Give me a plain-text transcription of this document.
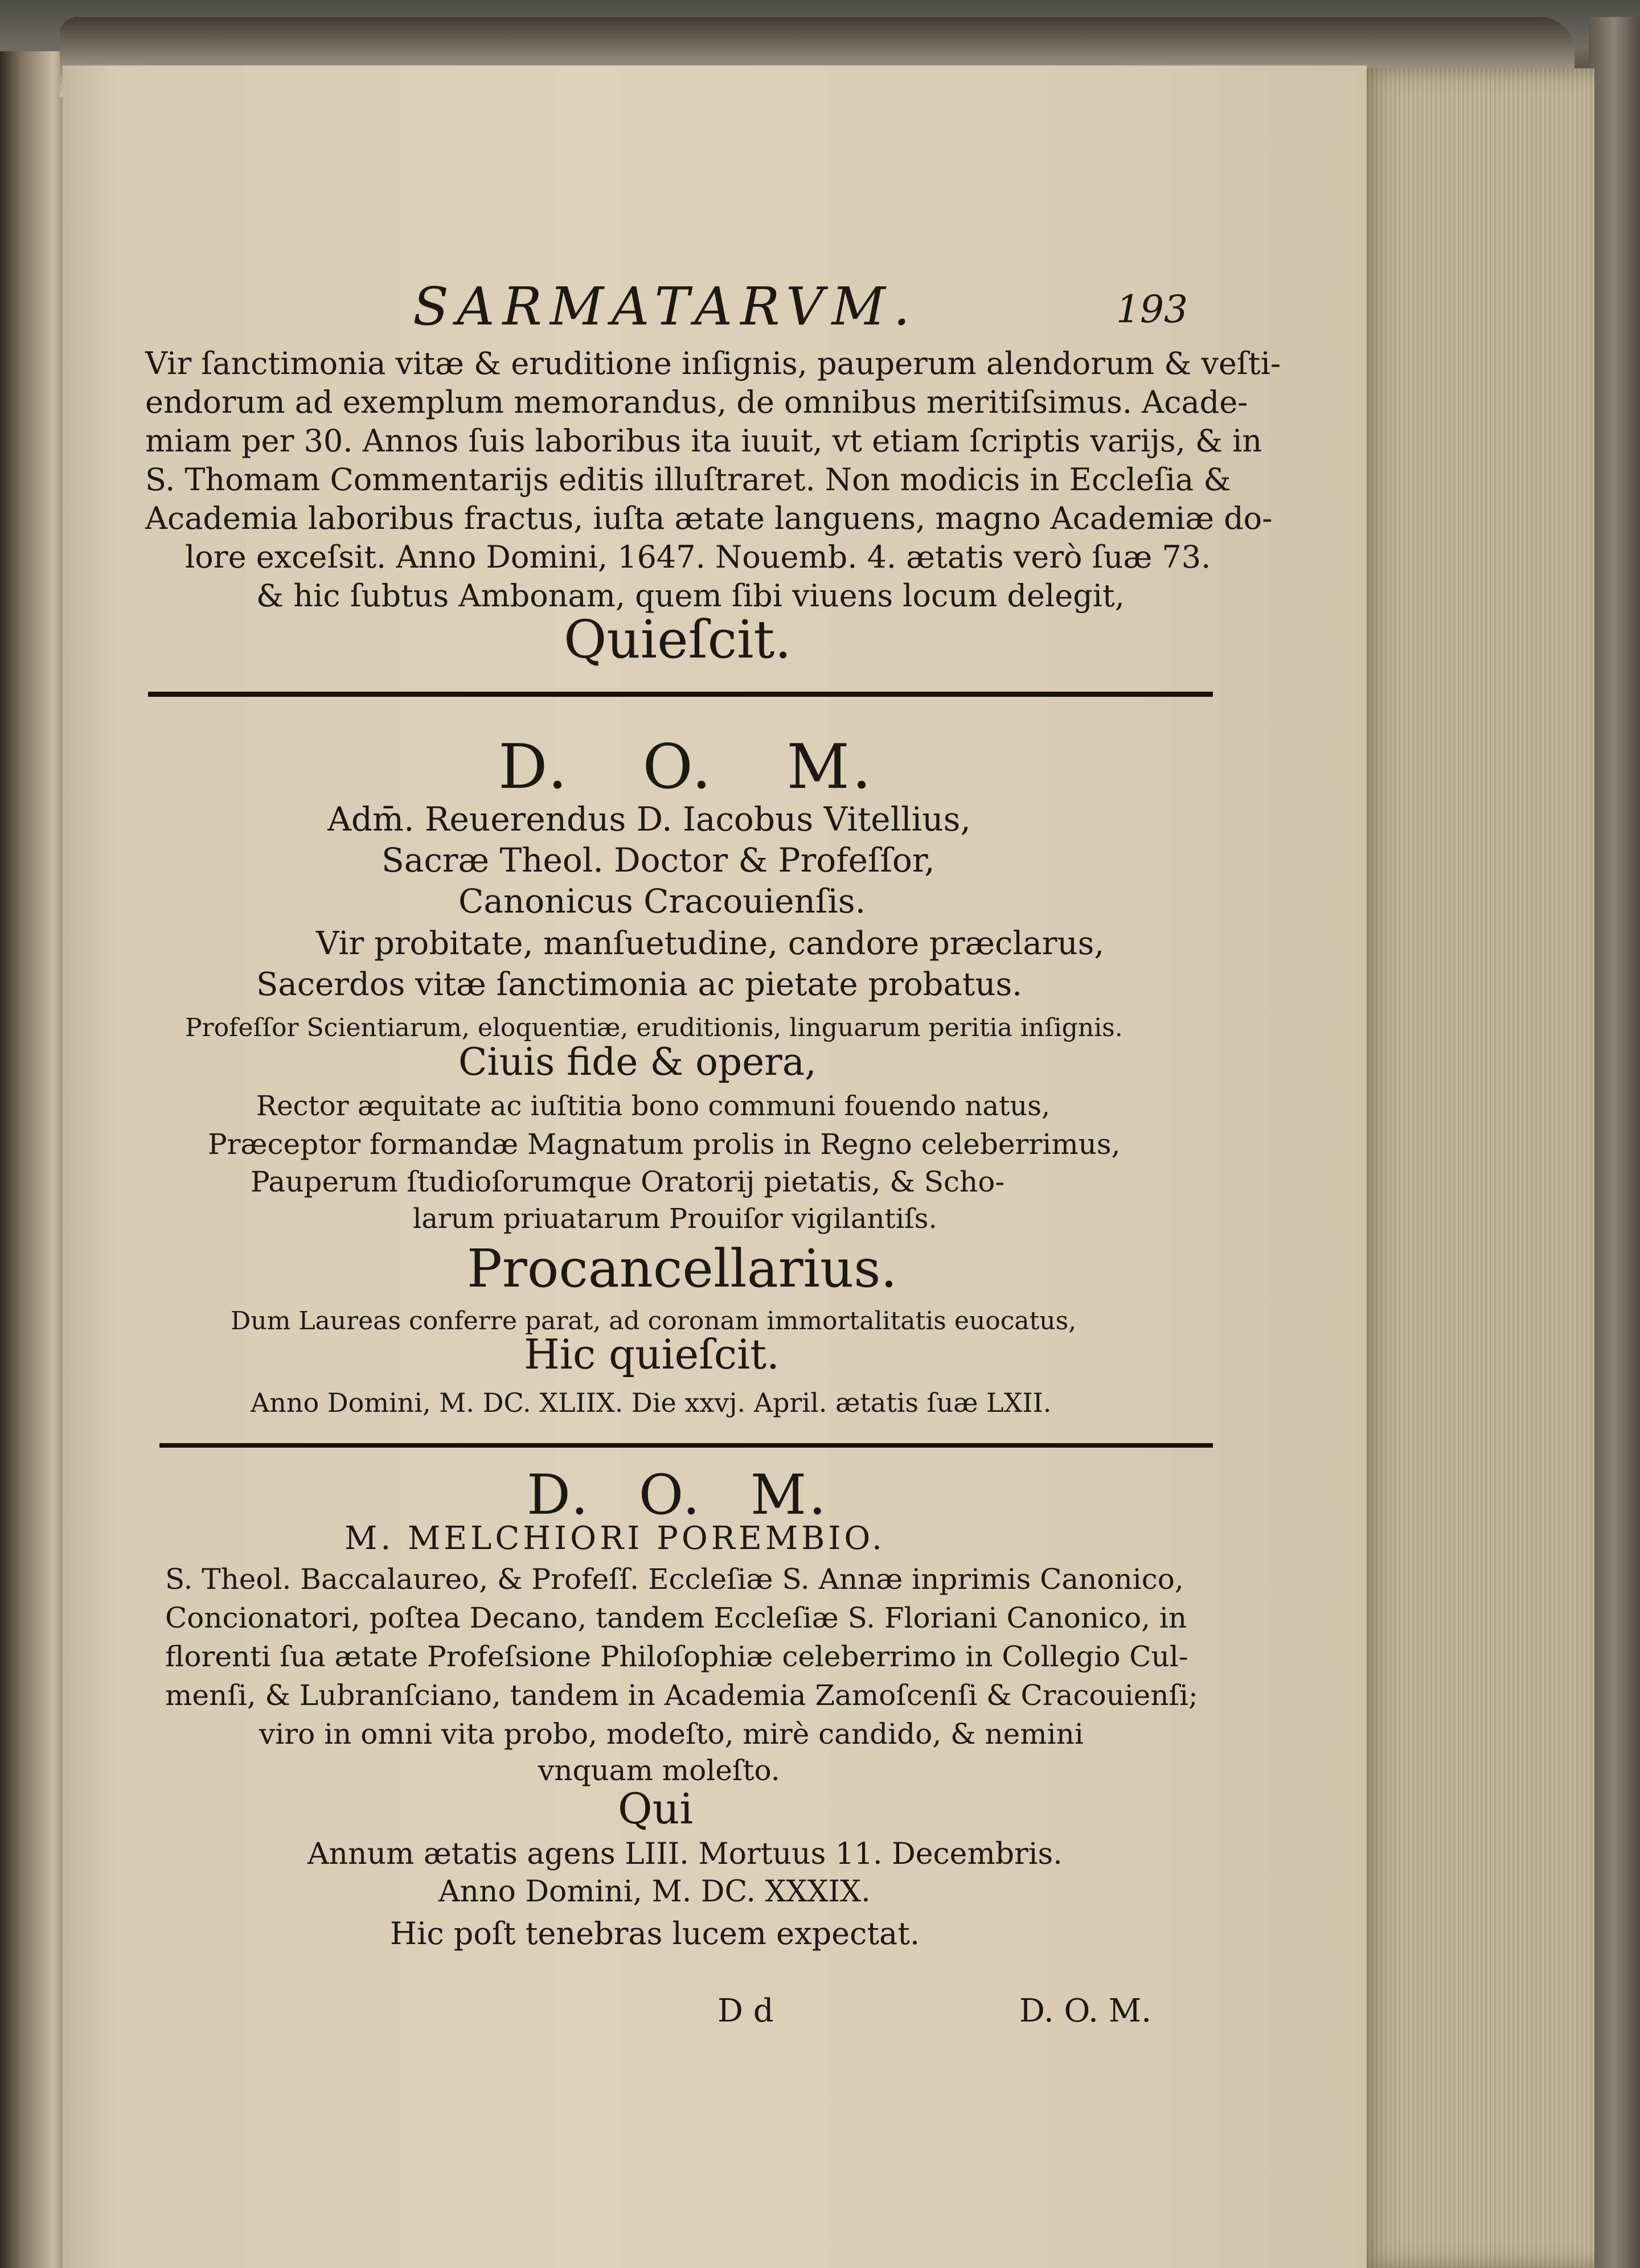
SARMATARVM.	193
Vir ſanctimonia vitæ & eruditione inſignis, pauperum alendorum & veſti-
endorum ad exemplum memorandus, de omnibus meritiſsimus. Acade-
miam per 30. Annos ſuis laboribus ita iuuit, vt etiam ſcriptis varijs, & in
S. Thomam Commentarijs editis illuſtraret. Non modicis in Eccleſia &
Academia laboribus fractus, iuſta ætate languens, magno Academiæ do-
lore exceſsit. Anno Domini, 1647. Nouemb. 4. ætatis verò ſuæ 73.
& hic ſubtus Ambonam, quem ſibi viuens locum delegit,
Quieſcit.
D. O. M.
Adm̄. Reuerendus D. Iacobus Vitellius,
Sacræ Theol. Doctor & Profeſſor,
Canonicus Cracouienſis.
Vir probitate, manſuetudine, candore præclarus,
Sacerdos vitæ ſanctimonia ac pietate probatus.
Profeſſor Scientiarum, eloquentiæ, eruditionis, linguarum peritia inſignis.
Ciuis fide & opera,
Rector æquitate ac iuſtitia bono communi fouendo natus,
Præceptor formandæ Magnatum prolis in Regno celeberrimus,
Pauperum ſtudioſorumque Oratorij pietatis, & Scho-
larum priuatarum Prouiſor vigilantiſs.
Procancellarius.
Dum Laureas conferre parat, ad coronam immortalitatis euocatus,
Hic quieſcit.
Anno Domini, M. DC. XLIIX. Die xxvj. April. ætatis ſuæ LXII.
D. O. M.
M. MELCHIORI POREMBIO.
S. Theol. Baccalaureo, & Profeſſ. Eccleſiæ S. Annæ inprimis Canonico,
Concionatori, poſtea Decano, tandem Eccleſiæ S. Floriani Canonico, in
florenti ſua ætate Profeſsione Philoſophiæ celeberrimo in Collegio Cul-
menſi, & Lubranſciano, tandem in Academia Zamoſcenſi & Cracouienſi;
viro in omni vita probo, modeſto, mirè candido, & nemini
vnquam moleſto.
Qui
Annum ætatis agens LIII. Mortuus 11. Decembris.
Anno Domini, M. DC. XXXIX.
Hic poſt tenebras lucem expectat.
D d	D. O. M.
